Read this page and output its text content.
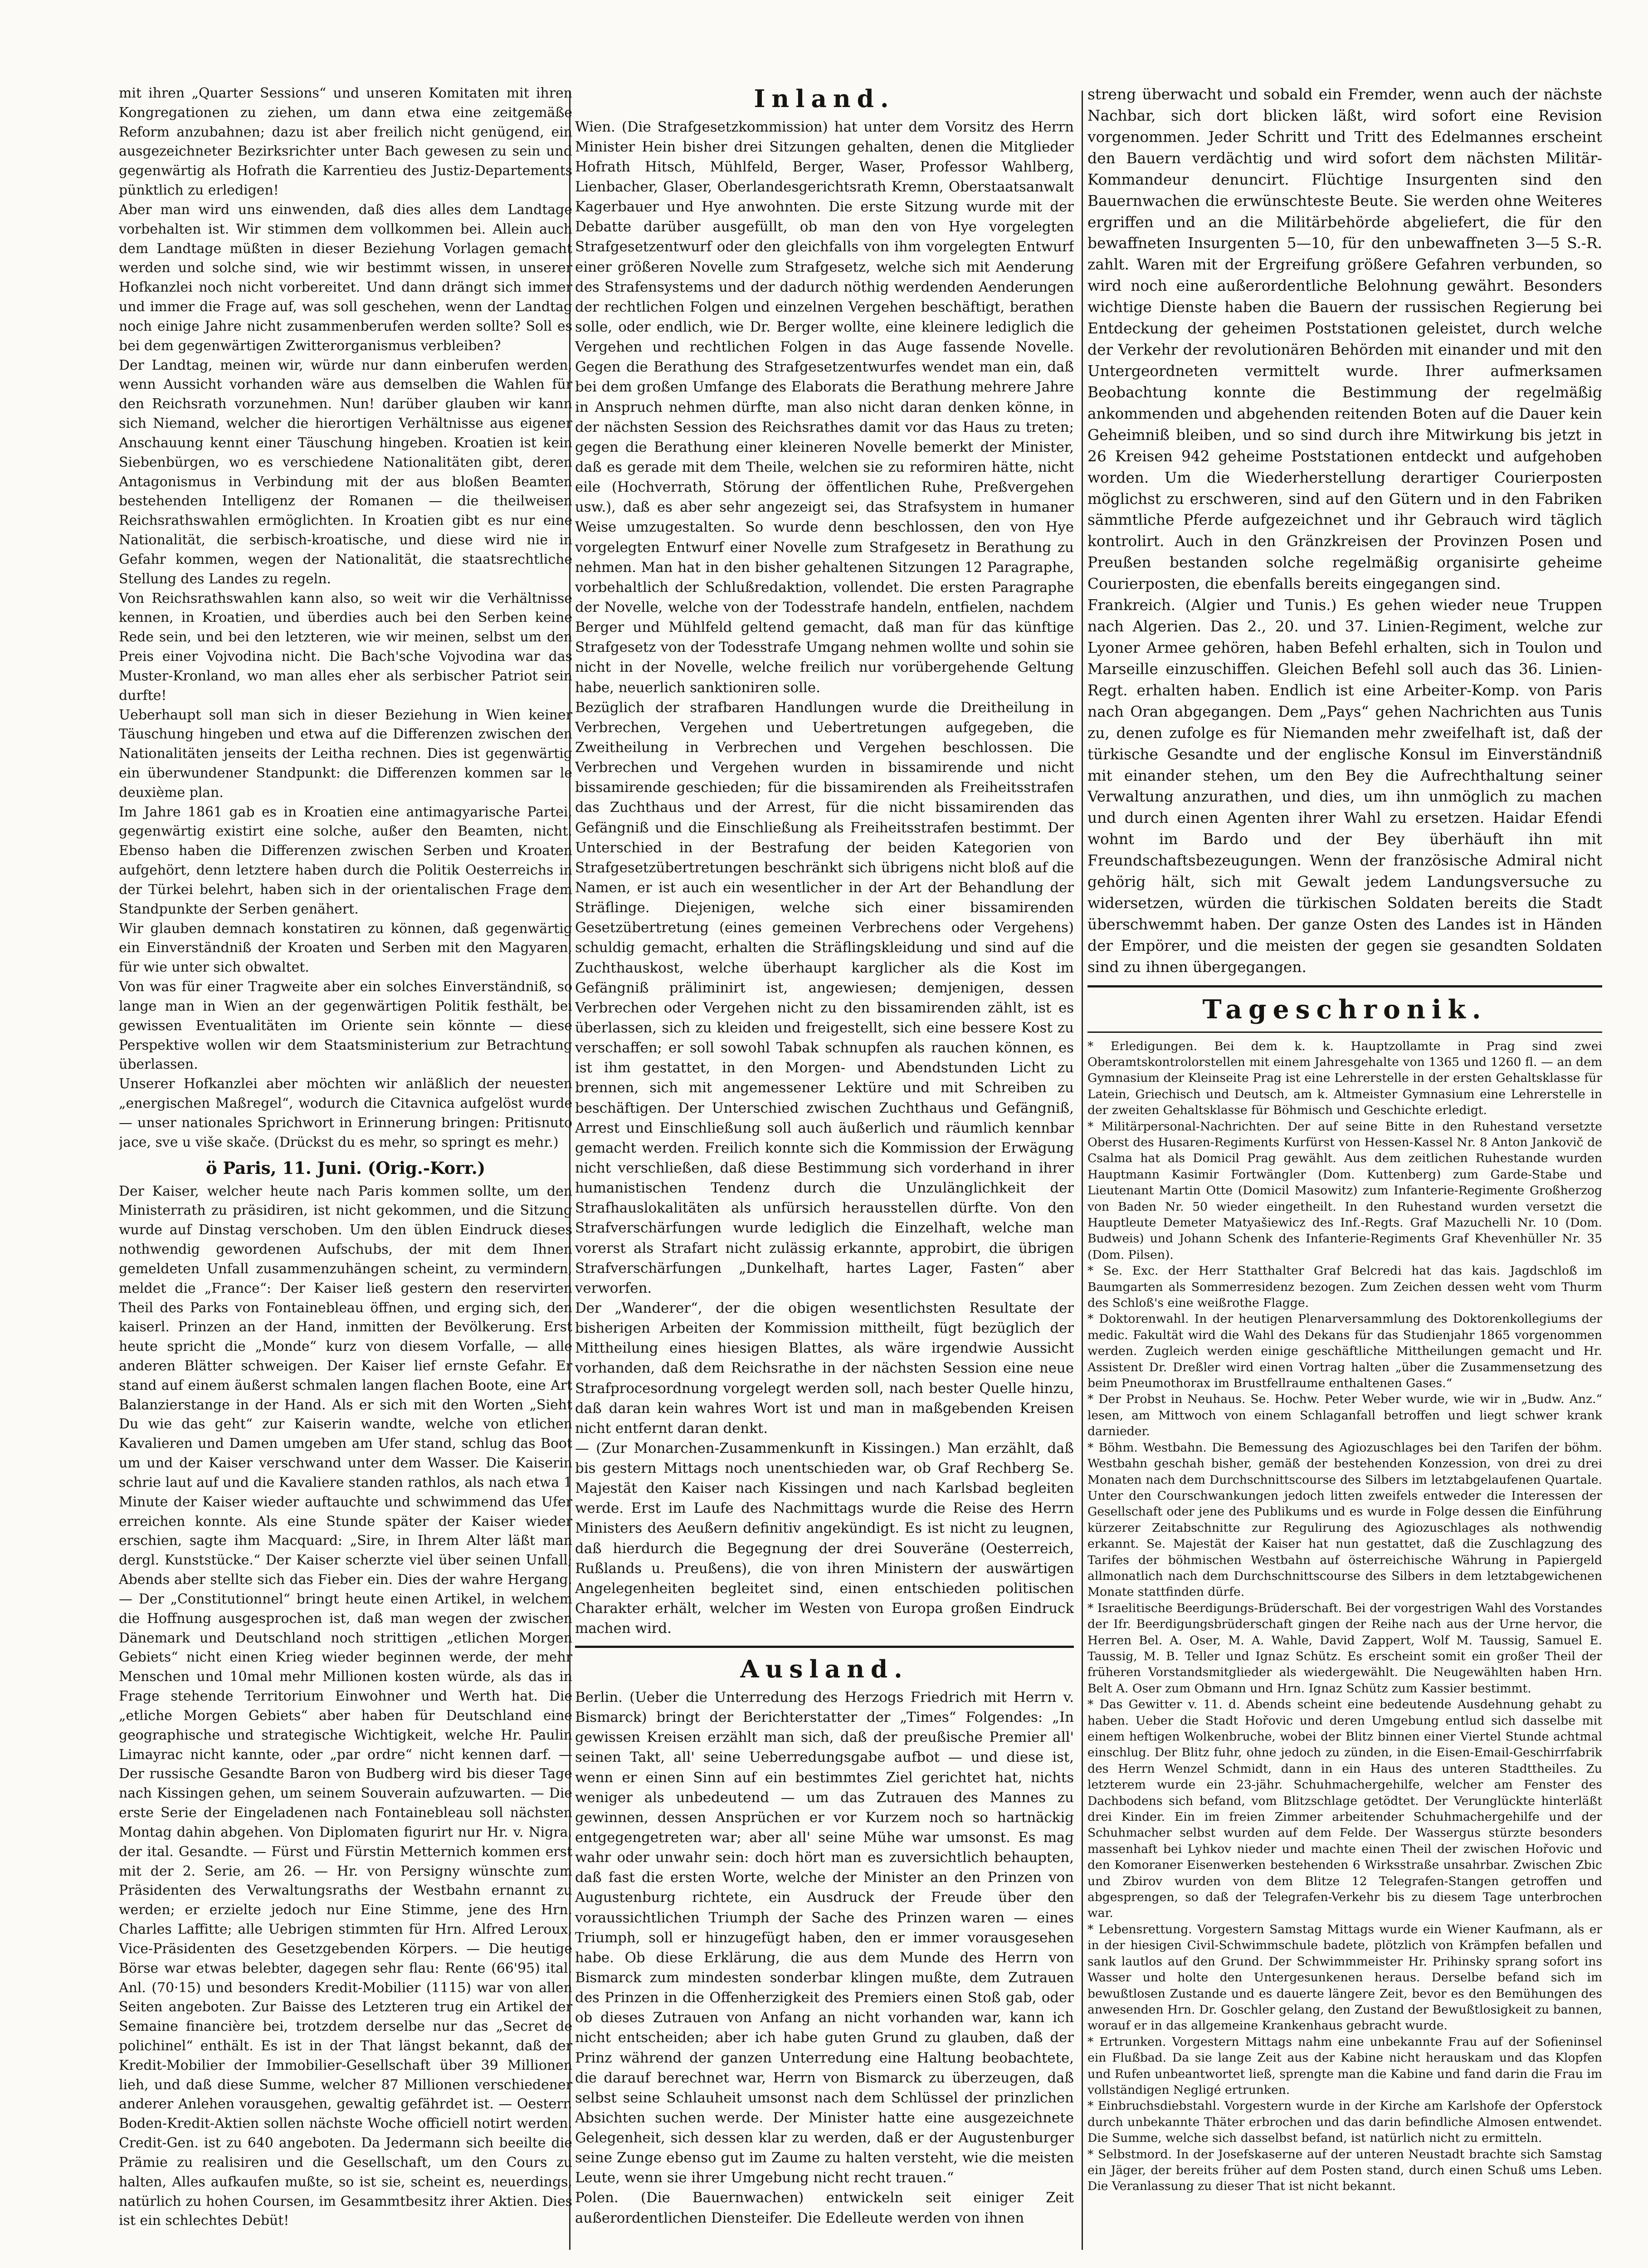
mit ihren „Quarter Sessions“ und unseren Komitaten mit ihren Kongregationen zu ziehen, um dann etwa eine zeitgemäße Reform anzubahnen; dazu ist aber freilich nicht genügend, ein ausgezeichneter Bezirksrichter unter Bach gewesen zu sein und gegenwärtig als Hofrath die Karrentieu des Justiz-Departements pünktlich zu erledigen!

Aber man wird uns einwenden, daß dies alles dem Landtage vorbehalten ist. Wir stimmen dem vollkommen bei. Allein auch dem Landtage müßten in dieser Beziehung Vorlagen gemacht werden und solche sind, wie wir bestimmt wissen, in unserer Hofkanzlei noch nicht vorbereitet. Und dann drängt sich immer und immer die Frage auf, was soll geschehen, wenn der Landtag noch einige Jahre nicht zusammenberufen werden sollte? Soll es bei dem gegenwärtigen Zwitterorganismus verbleiben?

Der Landtag, meinen wir, würde nur dann einberufen werden, wenn Aussicht vorhanden wäre aus demselben die Wahlen für den Reichsrath vorzunehmen. Nun! darüber glauben wir kann sich Niemand, welcher die hierortigen Verhältnisse aus eigener Anschauung kennt einer Täuschung hingeben. Kroatien ist kein Siebenbürgen, wo es verschiedene Nationalitäten gibt, deren Antagonismus in Verbindung mit der aus bloßen Beamten bestehenden Intelligenz der Romanen — die theilweisen Reichsrathswahlen ermöglichten. In Kroatien gibt es nur eine Nationalität, die serbisch-kroatische, und diese wird nie in Gefahr kommen, wegen der Nationalität, die staatsrechtliche Stellung des Landes zu regeln.

Von Reichsrathswahlen kann also, so weit wir die Verhältnisse kennen, in Kroatien, und überdies auch bei den Serben keine Rede sein, und bei den letzteren, wie wir meinen, selbst um den Preis einer Vojvodina nicht. Die Bach'sche Vojvodina war das Muster-Kronland, wo man alles eher als serbischer Patriot sein durfte!

Ueberhaupt soll man sich in dieser Beziehung in Wien keiner Täuschung hingeben und etwa auf die Differenzen zwischen den Nationalitäten jenseits der Leitha rechnen. Dies ist gegenwärtig ein überwundener Standpunkt: die Differenzen kommen sar le deuxième plan.

Im Jahre 1861 gab es in Kroatien eine antimagyarische Partei, gegenwärtig existirt eine solche, außer den Beamten, nicht. Ebenso haben die Differenzen zwischen Serben und Kroaten aufgehört, denn letztere haben durch die Politik Oesterreichs in der Türkei belehrt, haben sich in der orientalischen Frage dem Standpunkte der Serben genähert.

Wir glauben demnach konstatiren zu können, daß gegenwärtig ein Einverständniß der Kroaten und Serben mit den Magyaren, für wie unter sich obwaltet.

Von was für einer Tragweite aber ein solches Einverständniß, so lange man in Wien an der gegenwärtigen Politik festhält, bei gewissen Eventualitäten im Oriente sein könnte — diese Perspektive wollen wir dem Staatsministerium zur Betrachtung überlassen.

Unserer Hofkanzlei aber möchten wir anläßlich der neuesten „energischen Maßregel“, wodurch die Citavnica aufgelöst wurde — unser nationales Sprichwort in Erinnerung bringen: Pritisnuto jace, sve u više skače. (Drückst du es mehr, so springt es mehr.)

ö Paris, 11. Juni. (Orig.-Korr.)

Der Kaiser, welcher heute nach Paris kommen sollte, um den Ministerrath zu präsidiren, ist nicht gekommen, und die Sitzung wurde auf Dinstag verschoben. Um den üblen Eindruck dieses nothwendig gewordenen Aufschubs, der mit dem Ihnen gemeldeten Unfall zusammenzuhängen scheint, zu vermindern, meldet die „France“: Der Kaiser ließ gestern den reservirten Theil des Parks von Fontainebleau öffnen, und erging sich, den kaiserl. Prinzen an der Hand, inmitten der Bevölkerung. Erst heute spricht die „Monde“ kurz von diesem Vorfalle, — alle anderen Blätter schweigen. Der Kaiser lief ernste Gefahr. Er stand auf einem äußerst schmalen langen flachen Boote, eine Art Balanzierstange in der Hand. Als er sich mit den Worten „Sieht Du wie das geht“ zur Kaiserin wandte, welche von etlichen Kavalieren und Damen umgeben am Ufer stand, schlug das Boot um und der Kaiser verschwand unter dem Wasser. Die Kaiserin schrie laut auf und die Kavaliere standen rathlos, als nach etwa 1 Minute der Kaiser wieder auftauchte und schwimmend das Ufer erreichen konnte. Als eine Stunde später der Kaiser wieder erschien, sagte ihm Macquard: „Sire, in Ihrem Alter läßt man dergl. Kunststücke.“ Der Kaiser scherzte viel über seinen Unfall; Abends aber stellte sich das Fieber ein. Dies der wahre Hergang. — Der „Constitutionnel“ bringt heute einen Artikel, in welchem die Hoffnung ausgesprochen ist, daß man wegen der zwischen Dänemark und Deutschland noch strittigen „etlichen Morgen Gebiets“ nicht einen Krieg wieder beginnen werde, der mehr Menschen und 10mal mehr Millionen kosten würde, als das in Frage stehende Territorium Einwohner und Werth hat. Die „etliche Morgen Gebiets“ aber haben für Deutschland eine geographische und strategische Wichtigkeit, welche Hr. Paulin Limayrac nicht kannte, oder „par ordre“ nicht kennen darf. — Der russische Gesandte Baron von Budberg wird bis dieser Tage nach Kissingen gehen, um seinem Souverain aufzuwarten. — Die erste Serie der Eingeladenen nach Fontainebleau soll nächsten Montag dahin abgehen. Von Diplomaten figurirt nur Hr. v. Nigra, der ital. Gesandte. — Fürst und Fürstin Metternich kommen erst mit der 2. Serie, am 26. — Hr. von Persigny wünschte zum Präsidenten des Verwaltungsraths der Westbahn ernannt zu werden; er erzielte jedoch nur Eine Stimme, jene des Hrn. Charles Laffitte; alle Uebrigen stimmten für Hrn. Alfred Leroux, Vice-Präsidenten des Gesetzgebenden Körpers. — Die heutige Börse war etwas belebter, dagegen sehr flau: Rente (66'95) ital. Anl. (70·15) und besonders Kredit-Mobilier (1115) war von allen Seiten angeboten. Zur Baisse des Letzteren trug ein Artikel der Semaine financière bei, trotzdem derselbe nur das „Secret de polichinel“ enthält. Es ist in der That längst bekannt, daß der Kredit-Mobilier der Immobilier-Gesellschaft über 39 Millionen lieh, und daß diese Summe, welcher 87 Millionen verschiedener anderer Anlehen vorausgehen, gewaltig gefährdet ist. — Oesterr. Boden-Kredit-Aktien sollen nächste Woche officiell notirt werden. Credit-Gen. ist zu 640 angeboten. Da Jedermann sich beeilte die Prämie zu realisiren und die Gesellschaft, um den Cours zu halten, Alles aufkaufen mußte, so ist sie, scheint es, neuerdings, natürlich zu hohen Coursen, im Gesammtbesitz ihrer Aktien. Dies ist ein schlechtes Debüt!

Inland.

Wien. (Die Strafgesetzkommission) hat unter dem Vorsitz des Herrn Minister Hein bisher drei Sitzungen gehalten, denen die Mitglieder Hofrath Hitsch, Mühlfeld, Berger, Waser, Professor Wahlberg, Lienbacher, Glaser, Oberlandesgerichtsrath Kremn, Oberstaatsanwalt Kagerbauer und Hye anwohnten. Die erste Sitzung wurde mit der Debatte darüber ausgefüllt, ob man den von Hye vorgelegten Strafgesetzentwurf oder den gleichfalls von ihm vorgelegten Entwurf einer größeren Novelle zum Strafgesetz, welche sich mit Aenderung des Strafensystems und der dadurch nöthig werdenden Aenderungen der rechtlichen Folgen und einzelnen Vergehen beschäftigt, berathen solle, oder endlich, wie Dr. Berger wollte, eine kleinere lediglich die Vergehen und rechtlichen Folgen in das Auge fassende Novelle. Gegen die Berathung des Strafgesetzentwurfes wendet man ein, daß bei dem großen Umfange des Elaborats die Berathung mehrere Jahre in Anspruch nehmen dürfte, man also nicht daran denken könne, in der nächsten Session des Reichsrathes damit vor das Haus zu treten; gegen die Berathung einer kleineren Novelle bemerkt der Minister, daß es gerade mit dem Theile, welchen sie zu reformiren hätte, nicht eile (Hochverrath, Störung der öffentlichen Ruhe, Preßvergehen usw.), daß es aber sehr angezeigt sei, das Strafsystem in humaner Weise umzugestalten. So wurde denn beschlossen, den von Hye vorgelegten Entwurf einer Novelle zum Strafgesetz in Berathung zu nehmen. Man hat in den bisher gehaltenen Sitzungen 12 Paragraphe, vorbehaltlich der Schlußredaktion, vollendet. Die ersten Paragraphe der Novelle, welche von der Todesstrafe handeln, entfielen, nachdem Berger und Mühlfeld geltend gemacht, daß man für das künftige Strafgesetz von der Todesstrafe Umgang nehmen wollte und sohin sie nicht in der Novelle, welche freilich nur vorübergehende Geltung habe, neuerlich sanktioniren solle.

Bezüglich der strafbaren Handlungen wurde die Dreitheilung in Verbrechen, Vergehen und Uebertretungen aufgegeben, die Zweitheilung in Verbrechen und Vergehen beschlossen. Die Verbrechen und Vergehen wurden in bissamirende und nicht bissamirende geschieden; für die bissamirenden als Freiheitsstrafen das Zuchthaus und der Arrest, für die nicht bissamirenden das Gefängniß und die Einschließung als Freiheitsstrafen bestimmt. Der Unterschied in der Bestrafung der beiden Kategorien von Strafgesetzübertretungen beschränkt sich übrigens nicht bloß auf die Namen, er ist auch ein wesentlicher in der Art der Behandlung der Sträflinge. Diejenigen, welche sich einer bissamirenden Gesetzübertretung (eines gemeinen Verbrechens oder Vergehens) schuldig gemacht, erhalten die Sträflingskleidung und sind auf die Zuchthauskost, welche überhaupt karglicher als die Kost im Gefängniß präliminirt ist, angewiesen; demjenigen, dessen Verbrechen oder Vergehen nicht zu den bissamirenden zählt, ist es überlassen, sich zu kleiden und freigestellt, sich eine bessere Kost zu verschaffen; er soll sowohl Tabak schnupfen als rauchen können, es ist ihm gestattet, in den Morgen- und Abendstunden Licht zu brennen, sich mit angemessener Lektüre und mit Schreiben zu beschäftigen. Der Unterschied zwischen Zuchthaus und Gefängniß, Arrest und Einschließung soll auch äußerlich und räumlich kennbar gemacht werden. Freilich konnte sich die Kommission der Erwägung nicht verschließen, daß diese Bestimmung sich vorderhand in ihrer humanistischen Tendenz durch die Unzulänglichkeit der Strafhauslokalitäten als unfürsich herausstellen dürfte. Von den Strafverschärfungen wurde lediglich die Einzelhaft, welche man vorerst als Strafart nicht zulässig erkannte, approbirt, die übrigen Strafverschärfungen „Dunkelhaft, hartes Lager, Fasten“ aber verworfen.

Der „Wanderer“, der die obigen wesentlichsten Resultate der bisherigen Arbeiten der Kommission mittheilt, fügt bezüglich der Mittheilung eines hiesigen Blattes, als wäre irgendwie Aussicht vorhanden, daß dem Reichsrathe in der nächsten Session eine neue Strafprocesordnung vorgelegt werden soll, nach bester Quelle hinzu, daß daran kein wahres Wort ist und man in maßgebenden Kreisen nicht entfernt daran denkt.

— (Zur Monarchen-Zusammenkunft in Kissingen.) Man erzählt, daß bis gestern Mittags noch unentschieden war, ob Graf Rechberg Se. Majestät den Kaiser nach Kissingen und nach Karlsbad begleiten werde. Erst im Laufe des Nachmittags wurde die Reise des Herrn Ministers des Aeußern definitiv angekündigt. Es ist nicht zu leugnen, daß hierdurch die Begegnung der drei Souveräne (Oesterreich, Rußlands u. Preußens), die von ihren Ministern der auswärtigen Angelegenheiten begleitet sind, einen entschieden politischen Charakter erhält, welcher im Westen von Europa großen Eindruck machen wird.

Ausland.

Berlin. (Ueber die Unterredung des Herzogs Friedrich mit Herrn v. Bismarck) bringt der Berichterstatter der „Times“ Folgendes: „In gewissen Kreisen erzählt man sich, daß der preußische Premier all' seinen Takt, all' seine Ueberredungsgabe aufbot — und diese ist, wenn er einen Sinn auf ein bestimmtes Ziel gerichtet hat, nichts weniger als unbedeutend — um das Zutrauen des Mannes zu gewinnen, dessen Ansprüchen er vor Kurzem noch so hartnäckig entgegengetreten war; aber all' seine Mühe war umsonst. Es mag wahr oder unwahr sein: doch hört man es zuversichtlich behaupten, daß fast die ersten Worte, welche der Minister an den Prinzen von Augustenburg richtete, ein Ausdruck der Freude über den voraussichtlichen Triumph der Sache des Prinzen waren — eines Triumph, soll er hinzugefügt haben, den er immer vorausgesehen habe. Ob diese Erklärung, die aus dem Munde des Herrn von Bismarck zum mindesten sonderbar klingen mußte, dem Zutrauen des Prinzen in die Offenherzigkeit des Premiers einen Stoß gab, oder ob dieses Zutrauen von Anfang an nicht vorhanden war, kann ich nicht entscheiden; aber ich habe guten Grund zu glauben, daß der Prinz während der ganzen Unterredung eine Haltung beobachtete, die darauf berechnet war, Herrn von Bismarck zu überzeugen, daß selbst seine Schlauheit umsonst nach dem Schlüssel der prinzlichen Absichten suchen werde. Der Minister hatte eine ausgezeichnete Gelegenheit, sich dessen klar zu werden, daß er der Augustenburger seine Zunge ebenso gut im Zaume zu halten versteht, wie die meisten Leute, wenn sie ihrer Umgebung nicht recht trauen.“

Polen. (Die Bauernwachen) entwickeln seit einiger Zeit außerordentlichen Diensteifer. Die Edelleute werden von ihnen

streng überwacht und sobald ein Fremder, wenn auch der nächste Nachbar, sich dort blicken läßt, wird sofort eine Revision vorgenommen. Jeder Schritt und Tritt des Edelmannes erscheint den Bauern verdächtig und wird sofort dem nächsten Militär-Kommandeur denuncirt. Flüchtige Insurgenten sind den Bauernwachen die erwünschteste Beute. Sie werden ohne Weiteres ergriffen und an die Militärbehörde abgeliefert, die für den bewaffneten Insurgenten 5—10, für den unbewaffneten 3—5 S.-R. zahlt. Waren mit der Ergreifung größere Gefahren verbunden, so wird noch eine außerordentliche Belohnung gewährt. Besonders wichtige Dienste haben die Bauern der russischen Regierung bei Entdeckung der geheimen Poststationen geleistet, durch welche der Verkehr der revolutionären Behörden mit einander und mit den Untergeordneten vermittelt wurde. Ihrer aufmerksamen Beobachtung konnte die Bestimmung der regelmäßig ankommenden und abgehenden reitenden Boten auf die Dauer kein Geheimniß bleiben, und so sind durch ihre Mitwirkung bis jetzt in 26 Kreisen 942 geheime Poststationen entdeckt und aufgehoben worden. Um die Wiederherstellung derartiger Courierposten möglichst zu erschweren, sind auf den Gütern und in den Fabriken sämmtliche Pferde aufgezeichnet und ihr Gebrauch wird täglich kontrolirt. Auch in den Gränzkreisen der Provinzen Posen und Preußen bestanden solche regelmäßig organisirte geheime Courierposten, die ebenfalls bereits eingegangen sind.

Frankreich. (Algier und Tunis.) Es gehen wieder neue Truppen nach Algerien. Das 2., 20. und 37. Linien-Regiment, welche zur Lyoner Armee gehören, haben Befehl erhalten, sich in Toulon und Marseille einzuschiffen. Gleichen Befehl soll auch das 36. Linien-Regt. erhalten haben. Endlich ist eine Arbeiter-Komp. von Paris nach Oran abgegangen. Dem „Pays“ gehen Nachrichten aus Tunis zu, denen zufolge es für Niemanden mehr zweifelhaft ist, daß der türkische Gesandte und der englische Konsul im Einverständniß mit einander stehen, um den Bey die Aufrechthaltung seiner Verwaltung anzurathen, und dies, um ihn unmöglich zu machen und durch einen Agenten ihrer Wahl zu ersetzen. Haidar Efendi wohnt im Bardo und der Bey überhäuft ihn mit Freundschaftsbezeugungen. Wenn der französische Admiral nicht gehörig hält, sich mit Gewalt jedem Landungsversuche zu widersetzen, würden die türkischen Soldaten bereits die Stadt überschwemmt haben. Der ganze Osten des Landes ist in Händen der Empörer, und die meisten der gegen sie gesandten Soldaten sind zu ihnen übergegangen.

Tageschronik.

* Erledigungen. Bei dem k. k. Hauptzollamte in Prag sind zwei Oberamtskontrolorstellen mit einem Jahresgehalte von 1365 und 1260 fl. — an dem Gymnasium der Kleinseite Prag ist eine Lehrerstelle in der ersten Gehaltsklasse für Latein, Griechisch und Deutsch, am k. Altmeister Gymnasium eine Lehrerstelle in der zweiten Gehaltsklasse für Böhmisch und Geschichte erledigt.

* Militärpersonal-Nachrichten. Der auf seine Bitte in den Ruhestand versetzte Oberst des Husaren-Regiments Kurfürst von Hessen-Kassel Nr. 8 Anton Jankovič de Csalma hat als Domicil Prag gewählt. Aus dem zeitlichen Ruhestande wurden Hauptmann Kasimir Fortwängler (Dom. Kuttenberg) zum Garde-Stabe und Lieutenant Martin Otte (Domicil Masowitz) zum Infanterie-Regimente Großherzog von Baden Nr. 50 wieder eingetheilt. In den Ruhestand wurden versetzt die Hauptleute Demeter Matyašiewicz des Inf.-Regts. Graf Mazuchelli Nr. 10 (Dom. Budweis) und Johann Schenk des Infanterie-Regiments Graf Khevenhüller Nr. 35 (Dom. Pilsen).

* Se. Exc. der Herr Statthalter Graf Belcredi hat das kais. Jagdschloß im Baumgarten als Sommerresidenz bezogen. Zum Zeichen dessen weht vom Thurm des Schloß's eine weißrothe Flagge.

* Doktorenwahl. In der heutigen Plenarversammlung des Doktorenkollegiums der medic. Fakultät wird die Wahl des Dekans für das Studienjahr 1865 vorgenommen werden. Zugleich werden einige geschäftliche Mittheilungen gemacht und Hr. Assistent Dr. Dreßler wird einen Vortrag halten „über die Zusammensetzung des beim Pneumothorax im Brustfellraume enthaltenen Gases.“

* Der Probst in Neuhaus. Se. Hochw. Peter Weber wurde, wie wir in „Budw. Anz.“ lesen, am Mittwoch von einem Schlaganfall betroffen und liegt schwer krank darnieder.

* Böhm. Westbahn. Die Bemessung des Agiozuschlages bei den Tarifen der böhm. Westbahn geschah bisher, gemäß der bestehenden Konzession, von drei zu drei Monaten nach dem Durchschnittscourse des Silbers im letztabgelaufenen Quartale. Unter den Courschwankungen jedoch litten zweifels entweder die Interessen der Gesellschaft oder jene des Publikums und es wurde in Folge dessen die Einführung kürzerer Zeitabschnitte zur Regulirung des Agiozuschlages als nothwendig erkannt. Se. Majestät der Kaiser hat nun gestattet, daß die Zuschlagzung des Tarifes der böhmischen Westbahn auf österreichische Währung in Papiergeld allmonatlich nach dem Durchschnittscourse des Silbers in dem letztabgewichenen Monate stattfinden dürfe.

* Israelitische Beerdigungs-Brüderschaft. Bei der vorgestrigen Wahl des Vorstandes der Ifr. Beerdigungsbrüderschaft gingen der Reihe nach aus der Urne hervor, die Herren Bel. A. Oser, M. A. Wahle, David Zappert, Wolf M. Taussig, Samuel E. Taussig, M. B. Teller und Ignaz Schütz. Es erscheint somit ein großer Theil der früheren Vorstandsmitglieder als wiedergewählt. Die Neugewählten haben Hrn. Belt A. Oser zum Obmann und Hrn. Ignaz Schütz zum Kassier bestimmt.

* Das Gewitter v. 11. d. Abends scheint eine bedeutende Ausdehnung gehabt zu haben. Ueber die Stadt Hořovic und deren Umgebung entlud sich dasselbe mit einem heftigen Wolkenbruche, wobei der Blitz binnen einer Viertel Stunde achtmal einschlug. Der Blitz fuhr, ohne jedoch zu zünden, in die Eisen-Email-Geschirrfabrik des Herrn Wenzel Schmidt, dann in ein Haus des unteren Stadttheiles. Zu letzterem wurde ein 23-jähr. Schuhmachergehilfe, welcher am Fenster des Dachbodens sich befand, vom Blitzschlage getödtet. Der Verunglückte hinterläßt drei Kinder. Ein im freien Zimmer arbeitender Schuhmachergehilfe und der Schuhmacher selbst wurden auf dem Felde. Der Wassergus stürzte besonders massenhaft bei Lyhkov nieder und machte einen Theil der zwischen Hořovic und den Komoraner Eisenwerken bestehenden 6 Wirksstraße unsahrbar. Zwischen Zbic und Zbirov wurden von dem Blitze 12 Telegrafen-Stangen getroffen und abgesprengen, so daß der Telegrafen-Verkehr bis zu diesem Tage unterbrochen war.

* Lebensrettung. Vorgestern Samstag Mittags wurde ein Wiener Kaufmann, als er in der hiesigen Civil-Schwimmschule badete, plötzlich von Krämpfen befallen und sank lautlos auf den Grund. Der Schwimmmeister Hr. Prihinsky sprang sofort ins Wasser und holte den Untergesunkenen heraus. Derselbe befand sich im bewußtlosen Zustande und es dauerte längere Zeit, bevor es den Bemühungen des anwesenden Hrn. Dr. Goschler gelang, den Zustand der Bewußtlosigkeit zu bannen, worauf er in das allgemeine Krankenhaus gebracht wurde.

* Ertrunken. Vorgestern Mittags nahm eine unbekannte Frau auf der Sofieninsel ein Flußbad. Da sie lange Zeit aus der Kabine nicht herauskam und das Klopfen und Rufen unbeantwortet ließ, sprengte man die Kabine und fand darin die Frau im vollständigen Negligé ertrunken.

* Einbruchsdiebstahl. Vorgestern wurde in der Kirche am Karlshofe der Opferstock durch unbekannte Thäter erbrochen und das darin befindliche Almosen entwendet. Die Summe, welche sich dasselbst befand, ist natürlich nicht zu ermitteln.

* Selbstmord. In der Josefskaserne auf der unteren Neustadt brachte sich Samstag ein Jäger, der bereits früher auf dem Posten stand, durch einen Schuß ums Leben. Die Veranlassung zu dieser That ist nicht bekannt.
